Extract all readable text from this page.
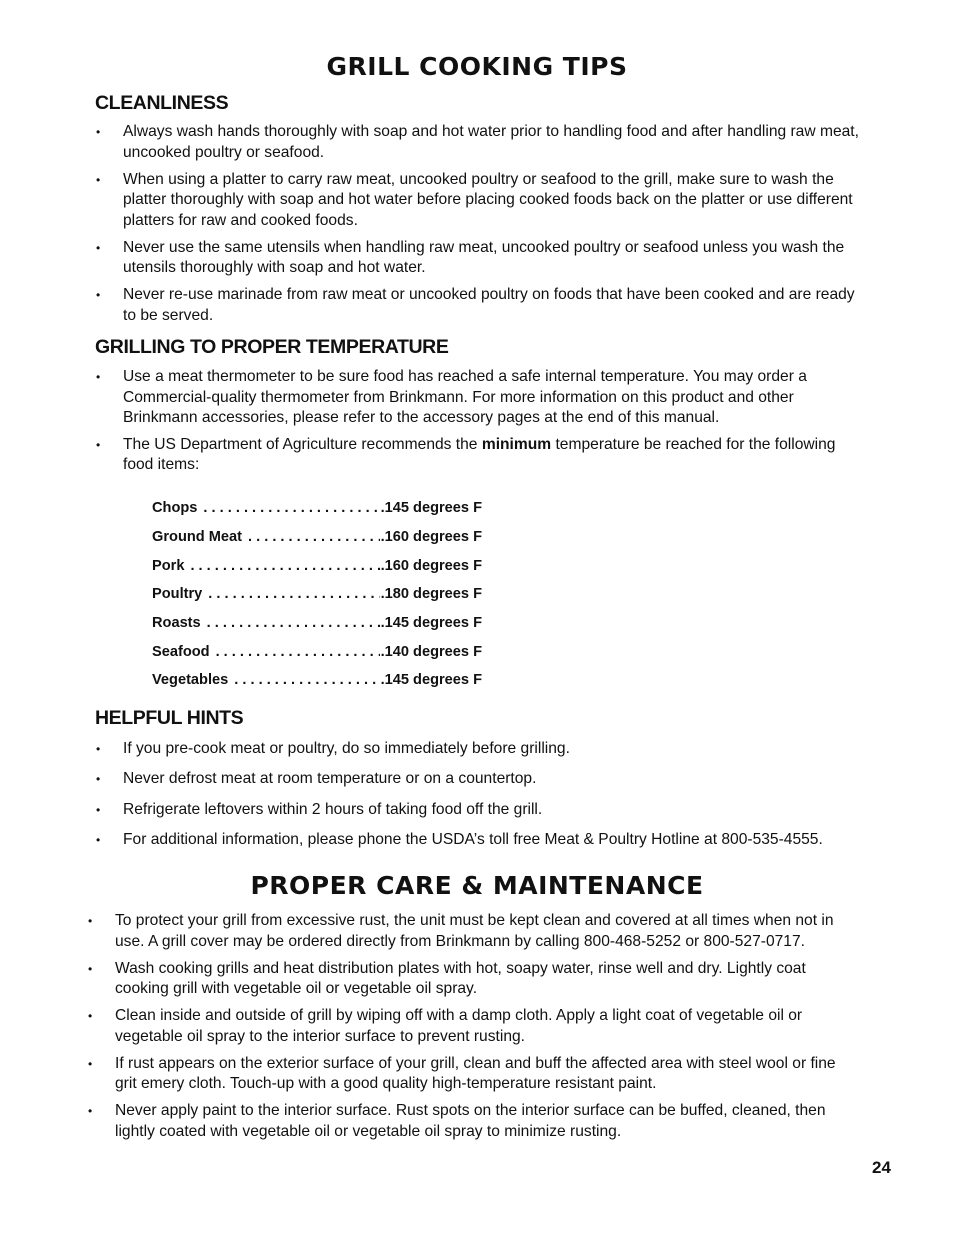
GRILL COOKING TIPS
CLEANLINESS
• Always wash hands thoroughly with soap and hot water prior to handling food and after handling raw meat, uncooked poultry or seafood.
• When using a platter to carry raw meat, uncooked poultry or seafood to the grill, make sure to wash the platter thoroughly with soap and hot water before placing cooked foods back on the platter or use different platters for raw and cooked foods.
• Never use the same utensils when handling raw meat, uncooked poultry or seafood unless you wash the utensils thoroughly with soap and hot water.
• Never re-use marinade from raw meat or uncooked poultry on foods that have been cooked and are ready to be served.
GRILLING TO PROPER TEMPERATURE
• Use a meat thermometer to be sure food has reached a safe internal temperature. You may order a Commercial-quality thermometer from Brinkmann. For more information on this product and other Brinkmann accessories, please refer to the accessory pages at the end of this manual.
• The US Department of Agriculture recommends the minimum temperature be reached for the following food items:
Chops . . .	.145 degrees F
Ground Meat . . .	.160 degrees F
Pork . . .	.160 degrees F
Poultry . . .	.180 degrees F
Roasts . . .	.145 degrees F
Seafood . . .	.140 degrees F
Vegetables . . .	.145 degrees F
HELPFUL HINTS
• If you pre-cook meat or poultry, do so immediately before grilling.
• Never defrost meat at room temperature or on a countertop.
• Refrigerate leftovers within 2 hours of taking food off the grill.
• For additional information, please phone the USDA’s toll free Meat & Poultry Hotline at 800-535-4555.
PROPER CARE & MAINTENANCE
• To protect your grill from excessive rust, the unit must be kept clean and covered at all times when not in use. A grill cover may be ordered directly from Brinkmann by calling 800-468-5252 or 800-527-0717.
• Wash cooking grills and heat distribution plates with hot, soapy water, rinse well and dry. Lightly coat cooking grill with vegetable oil or vegetable oil spray.
• Clean inside and outside of grill by wiping off with a damp cloth. Apply a light coat of vegetable oil or vegetable oil spray to the interior surface to prevent rusting.
• If rust appears on the exterior surface of your grill, clean and buff the affected area with steel wool or fine grit emery cloth. Touch-up with a good quality high-temperature resistant paint.
• Never apply paint to the interior surface. Rust spots on the interior surface can be buffed, cleaned, then lightly coated with vegetable oil or vegetable oil spray to minimize rusting.
24
